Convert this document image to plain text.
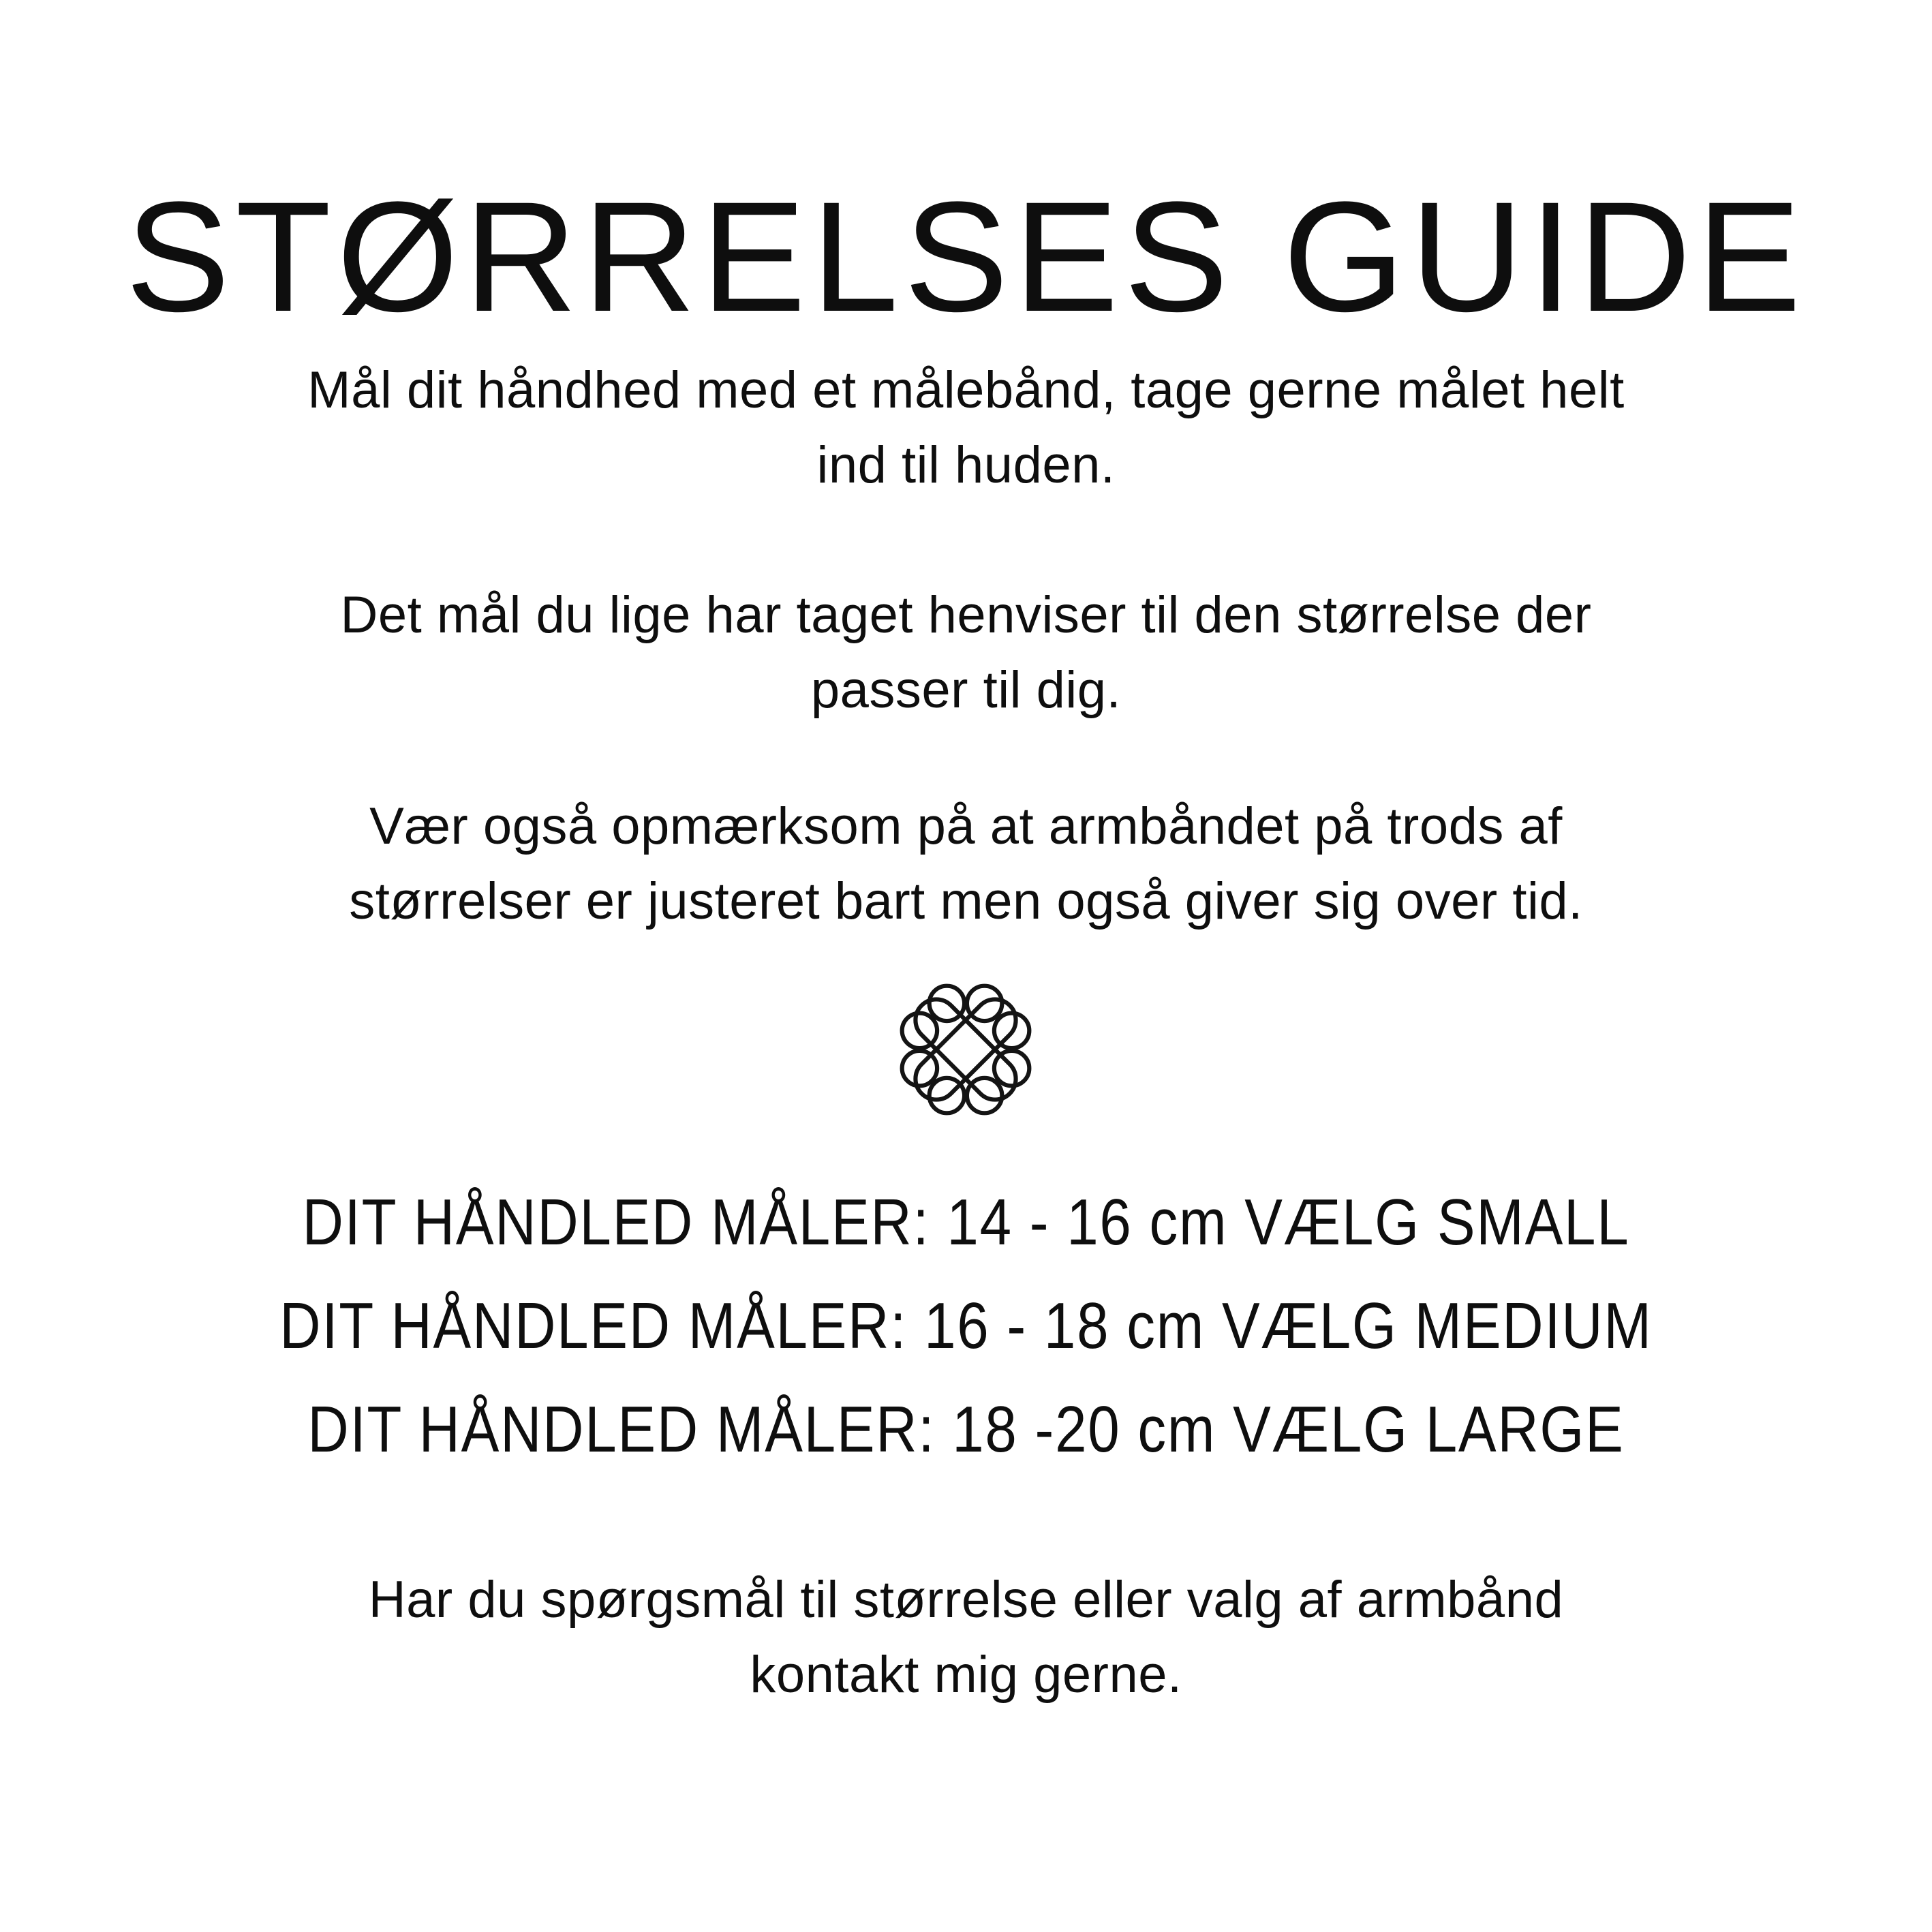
STØRRELSES GUIDE
Mål dit håndhed med et målebånd, tage gerne målet helt
ind til huden.
Det mål du lige har taget henviser til den størrelse der
passer til dig.
Vær også opmærksom på at armbåndet på trods af
størrelser er justeret bart men også giver sig over tid.
DIT HÅNDLED MÅLER: 14 - 16 cm VÆLG SMALL
DIT HÅNDLED MÅLER: 16 - 18 cm VÆLG MEDIUM
DIT HÅNDLED MÅLER: 18 -20 cm VÆLG LARGE
Har du spørgsmål til størrelse eller valg af armbånd
kontakt mig gerne.
